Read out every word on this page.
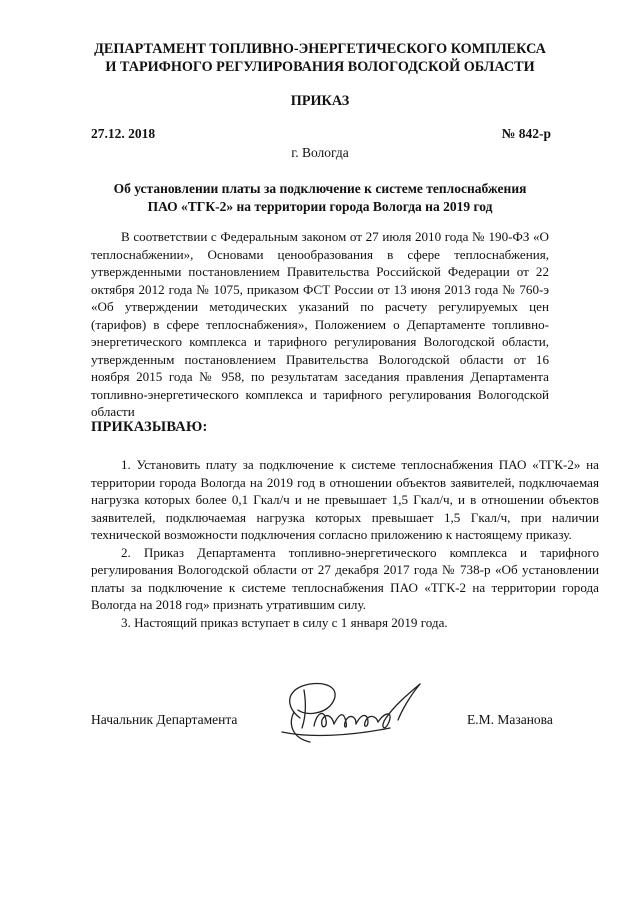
ДЕПАРТАМЕНТ ТОПЛИВНО-ЭНЕРГЕТИЧЕСКОГО КОМПЛЕКСА
И ТАРИФНОГО РЕГУЛИРОВАНИЯ ВОЛОГОДСКОЙ ОБЛАСТИ
ПРИКАЗ
27.12. 2018	№ 842-р
г. Вологда
Об установлении платы за подключение к системе теплоснабжения
ПАО «ТГК-2» на территории города Вологда на 2019 год

В соответствии с Федеральным законом от 27 июля 2010 года № 190-ФЗ «О теплоснабжении», Основами ценообразования в сфере теплоснабжения, утвержденными постановлением Правительства Российской Федерации от 22 октября 2012 года № 1075, приказом ФСТ России от 13 июня 2013 года № 760-э «Об утверждении методических указаний по расчету регулируемых цен (тарифов) в сфере теплоснабжения», Положением о Департаменте топливно-энергетического комплекса и тарифного регулирования Вологодской области, утвержденным постановлением Правительства Вологодской области от 16 ноября 2015 года № 958, по результатам заседания правления Департамента топливно-энергетического комплекса и тарифного регулирования Вологодской области

ПРИКАЗЫВАЮ:

1. Установить плату за подключение к системе теплоснабжения ПАО «ТГК-2» на территории города Вологда на 2019 год в отношении объектов заявителей, подключаемая нагрузка которых более 0,1 Гкал/ч и не превышает 1,5 Гкал/ч, и в отношении объектов заявителей, подключаемая нагрузка которых превышает 1,5 Гкал/ч, при наличии технической возможности подключения согласно приложению к настоящему приказу.

2. Приказ Департамента топливно-энергетического комплекса и тарифного регулирования Вологодской области от 27 декабря 2017 года № 738-р «Об установлении платы за подключение к системе теплоснабжения ПАО «ТГК-2 на территории города Вологда на 2018 год» признать утратившим силу.

3. Настоящий приказ вступает в силу с 1 января 2019 года.

Начальник Департамента	Е.М. Мазанова
